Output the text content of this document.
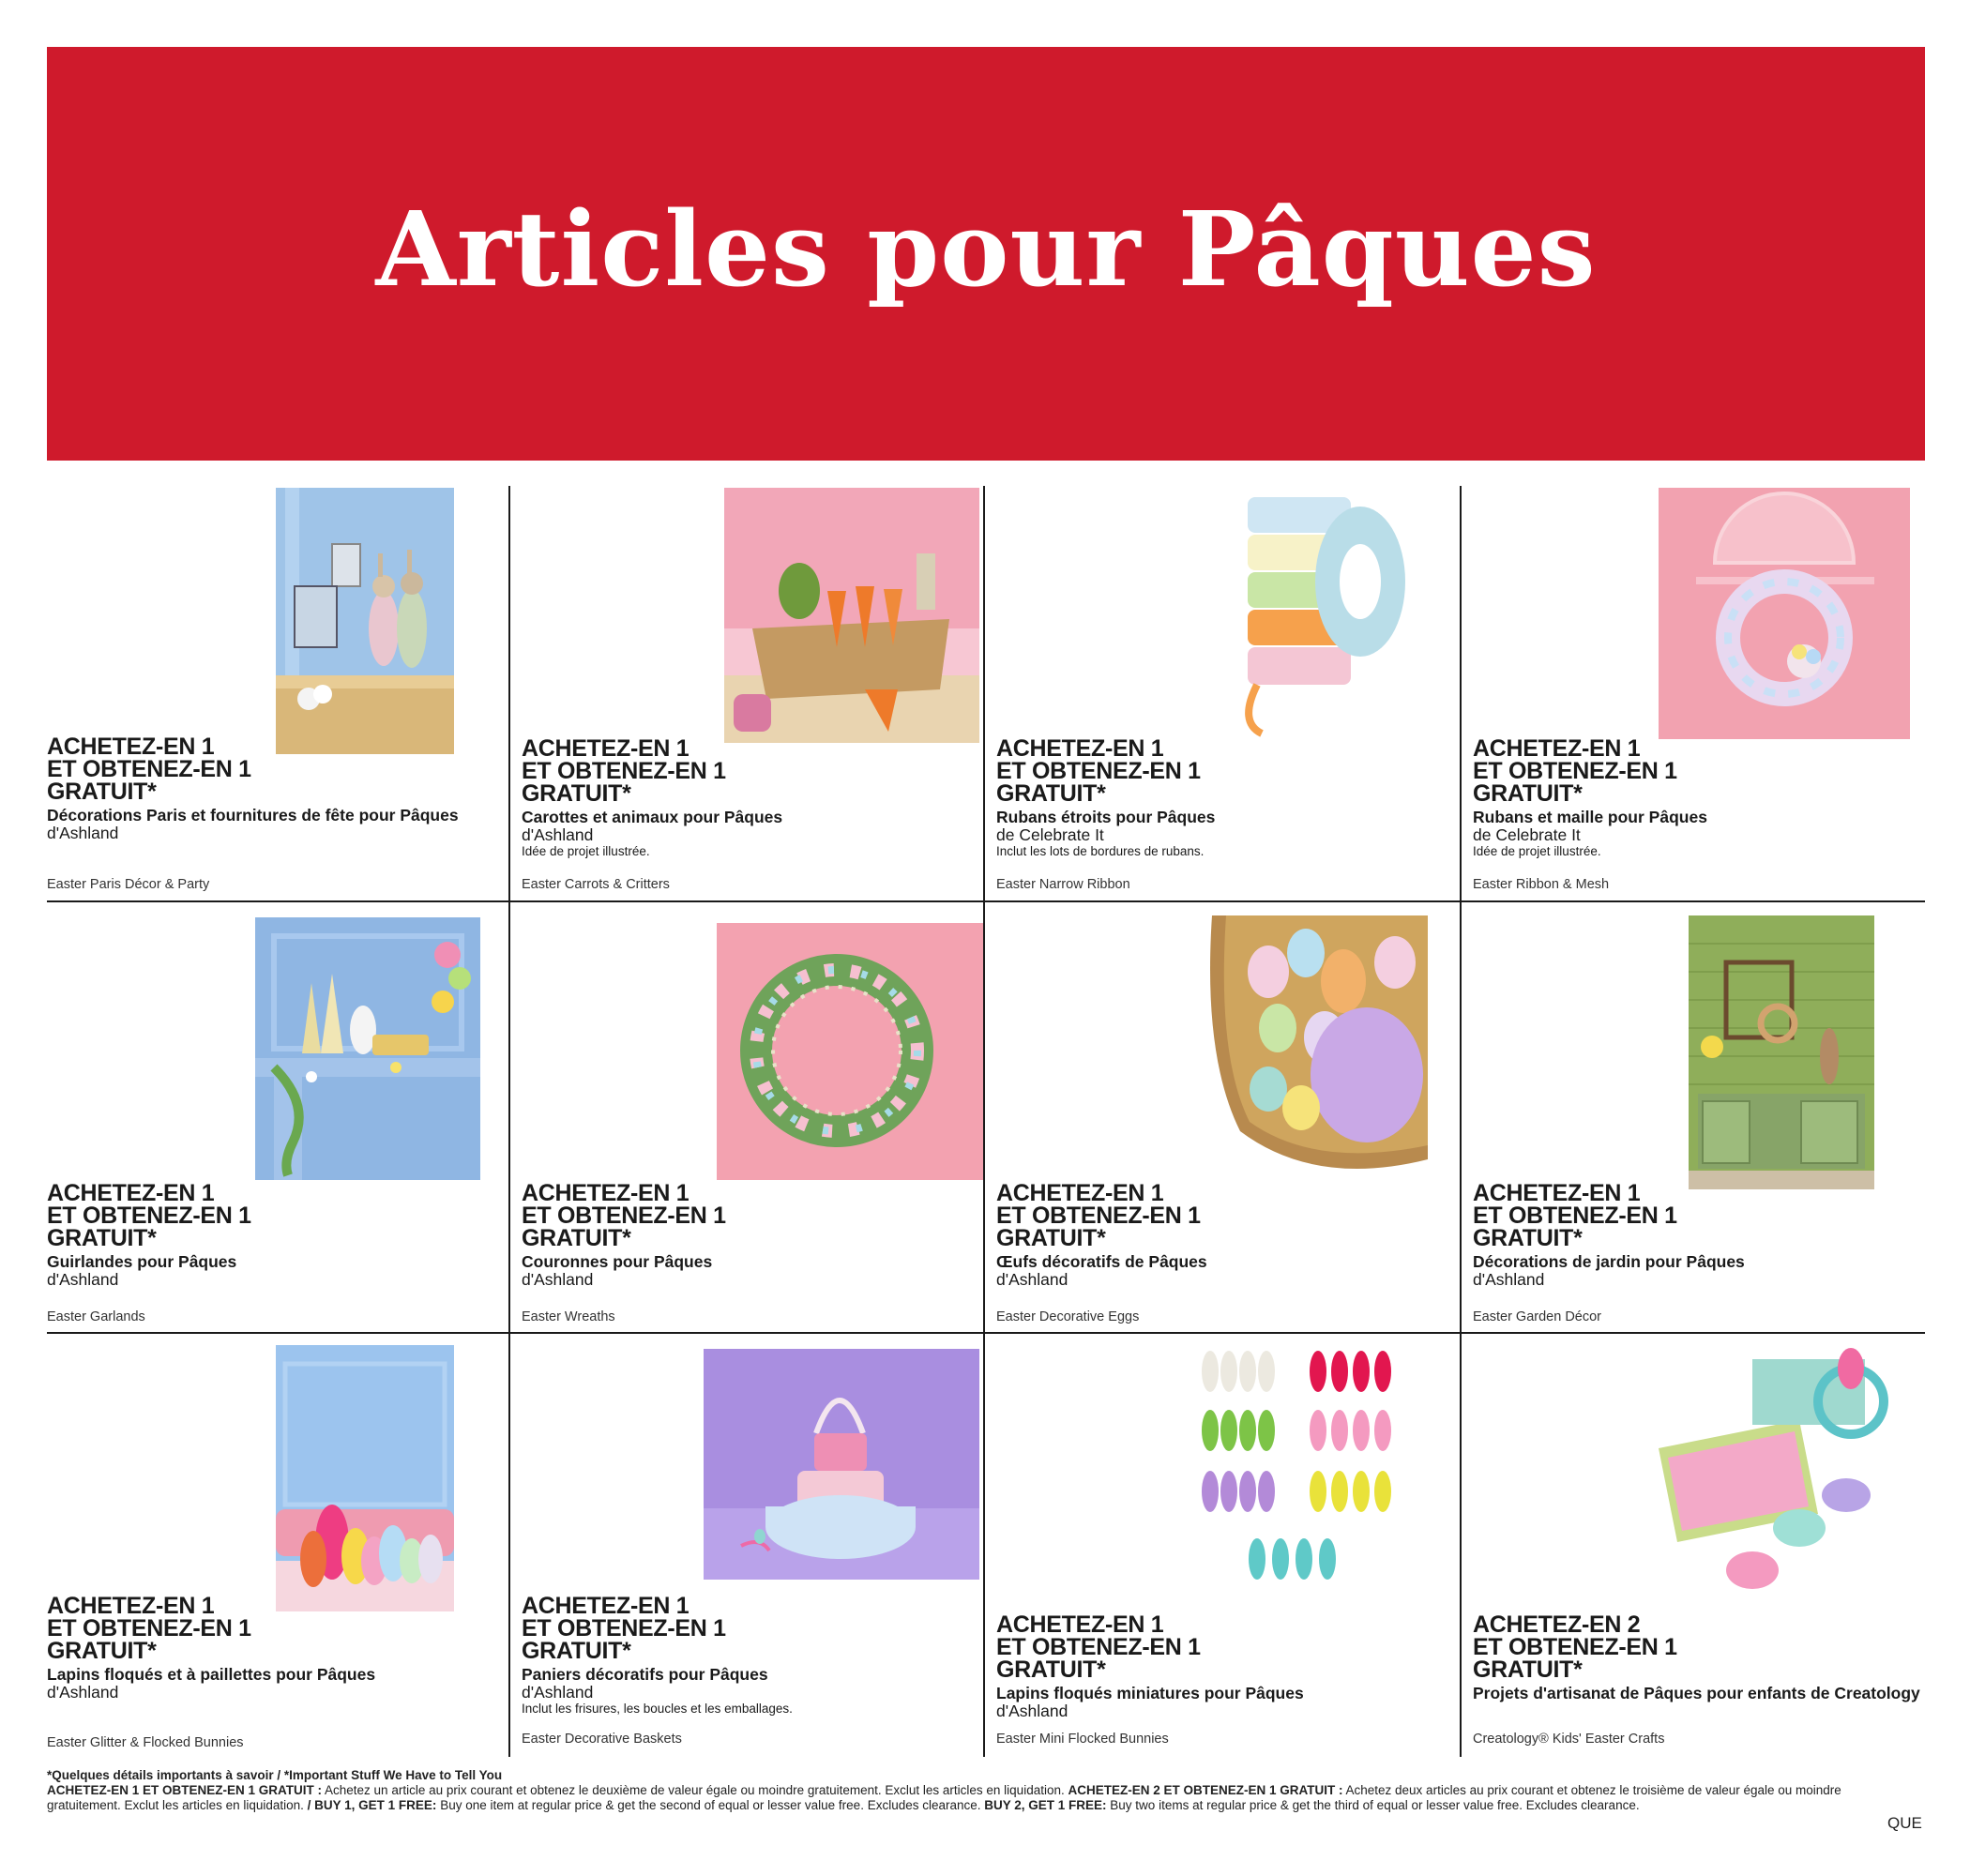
Articles pour Pâques
ACHETEZ-EN 1
ET OBTENEZ-EN 1
GRATUIT*
Décorations Paris et fournitures de fête pour Pâques
d'Ashland
Easter Paris Décor & Party
ACHETEZ-EN 1
ET OBTENEZ-EN 1
GRATUIT*
Carottes et animaux pour Pâques
d'Ashland
Idée de projet illustrée.
Easter Carrots & Critters
ACHETEZ-EN 1
ET OBTENEZ-EN 1
GRATUIT*
Rubans étroits pour Pâques
de Celebrate It
Inclut les lots de bordures de rubans.
Easter Narrow Ribbon
ACHETEZ-EN 1
ET OBTENEZ-EN 1
GRATUIT*
Rubans et maille pour Pâques
de Celebrate It
Idée de projet illustrée.
Easter Ribbon & Mesh
ACHETEZ-EN 1
ET OBTENEZ-EN 1
GRATUIT*
Guirlandes pour Pâques
d'Ashland
Easter Garlands
ACHETEZ-EN 1
ET OBTENEZ-EN 1
GRATUIT*
Couronnes pour Pâques
d'Ashland
Easter Wreaths
ACHETEZ-EN 1
ET OBTENEZ-EN 1
GRATUIT*
Œufs décoratifs de Pâques
d'Ashland
Easter Decorative Eggs
ACHETEZ-EN 1
ET OBTENEZ-EN 1
GRATUIT*
Décorations de jardin pour Pâques
d'Ashland
Easter Garden Décor
ACHETEZ-EN 1
ET OBTENEZ-EN 1
GRATUIT*
Lapins floqués et à paillettes pour Pâques
d'Ashland
Easter Glitter & Flocked Bunnies
ACHETEZ-EN 1
ET OBTENEZ-EN 1
GRATUIT*
Paniers décoratifs pour Pâques
d'Ashland
Inclut les frisures, les boucles et les emballages.
Easter Decorative Baskets
ACHETEZ-EN 1
ET OBTENEZ-EN 1
GRATUIT*
Lapins floqués miniatures pour Pâques
d'Ashland
Easter Mini Flocked Bunnies
ACHETEZ-EN 2
ET OBTENEZ-EN 1
GRATUIT*
Projets d'artisanat de Pâques pour enfants de Creatology
Creatology® Kids' Easter Crafts
*Quelques détails importants à savoir / *Important Stuff We Have to Tell You
ACHETEZ-EN 1 ET OBTENEZ-EN 1 GRATUIT : Achetez un article au prix courant et obtenez le deuxième de valeur égale ou moindre gratuitement. Exclut les articles en liquidation. ACHETEZ-EN 2 ET OBTENEZ-EN 1 GRATUIT : Achetez deux articles au prix courant et obtenez le troisième de valeur égale ou moindre gratuitement. Exclut les articles en liquidation. / BUY 1, GET 1 FREE: Buy one item at regular price & get the second of equal or lesser value free. Excludes clearance. BUY 2, GET 1 FREE: Buy two items at regular price & get the third of equal or lesser value free. Excludes clearance.
QUE
